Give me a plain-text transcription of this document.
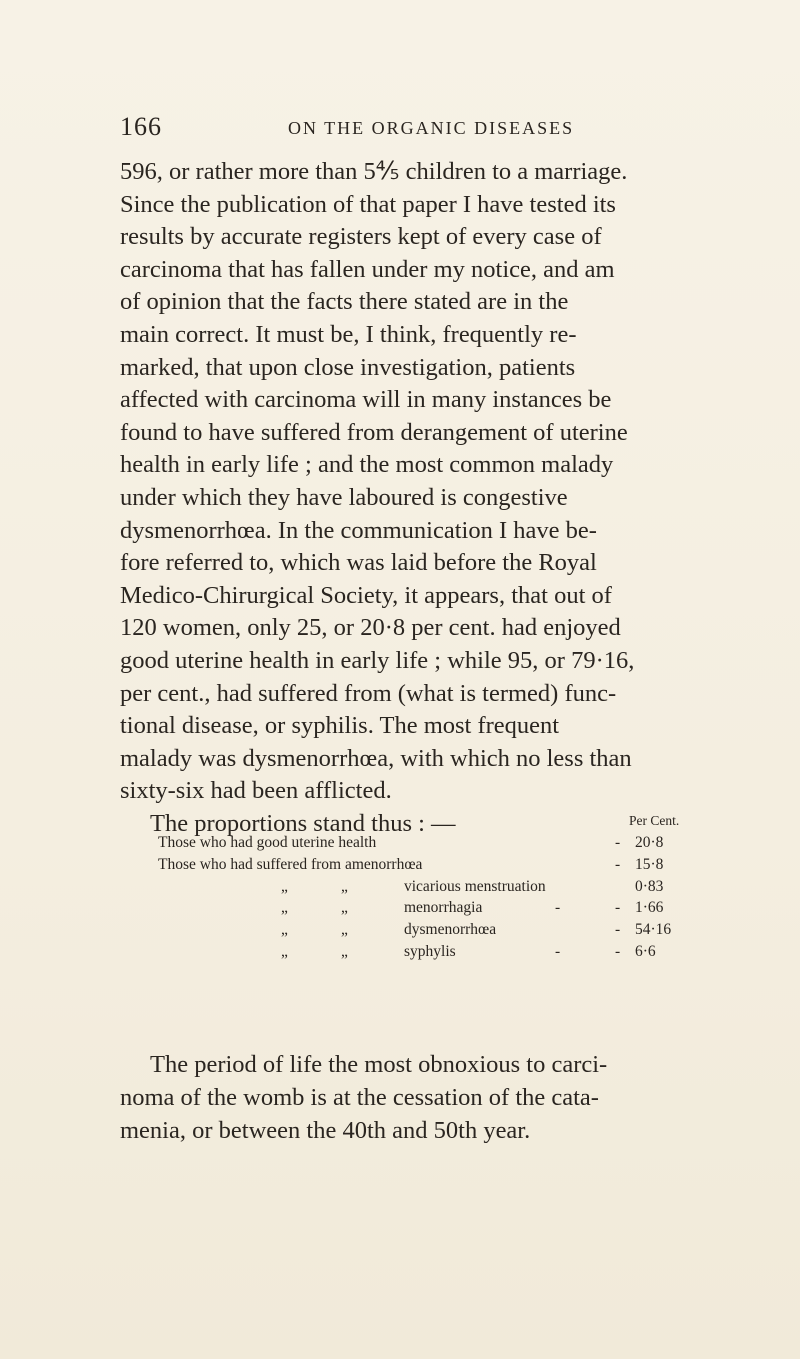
166	ON THE ORGANIC DISEASES

596, or rather more than 5⅘ children to a marriage.

Since the publication of that paper I have tested its

results by accurate registers kept of every case of

carcinoma that has fallen under my notice, and am

of opinion that the facts there stated are in the

main correct. It must be, I think, frequently re-

marked, that upon close investigation, patients

affected with carcinoma will in many instances be

found to have suffered from derangement of uterine

health in early life ; and the most common malady

under which they have laboured is congestive

dysmenorrhœa. In the communication I have be-

fore referred to, which was laid before the Royal

Medico-Chirurgical Society, it appears, that out of

120 women, only 25, or 20·8 per cent. had enjoyed

good uterine health in early life ; while 95, or 79·16,

per cent., had suffered from (what is termed) func-

tional disease, or syphilis. The most frequent

malady was dysmenorrhœa, with which no less than

sixty-six had been afflicted.

The proportions stand thus : —	Per Cent.
Those who had good uterine health	- 20·8
Those who had suffered from amenorrhœa	- 15·8
„	„	vicarious menstruation	0·83
„	„	menorrhagia	-	- 1·66
„	„	dysmenorrhœa	- 54·16
„	„	syphylis	-	- 6·6
The period of life the most obnoxious to carci-
noma of the womb is at the cessation of the cata-
menia, or between the 40th and 50th year.
